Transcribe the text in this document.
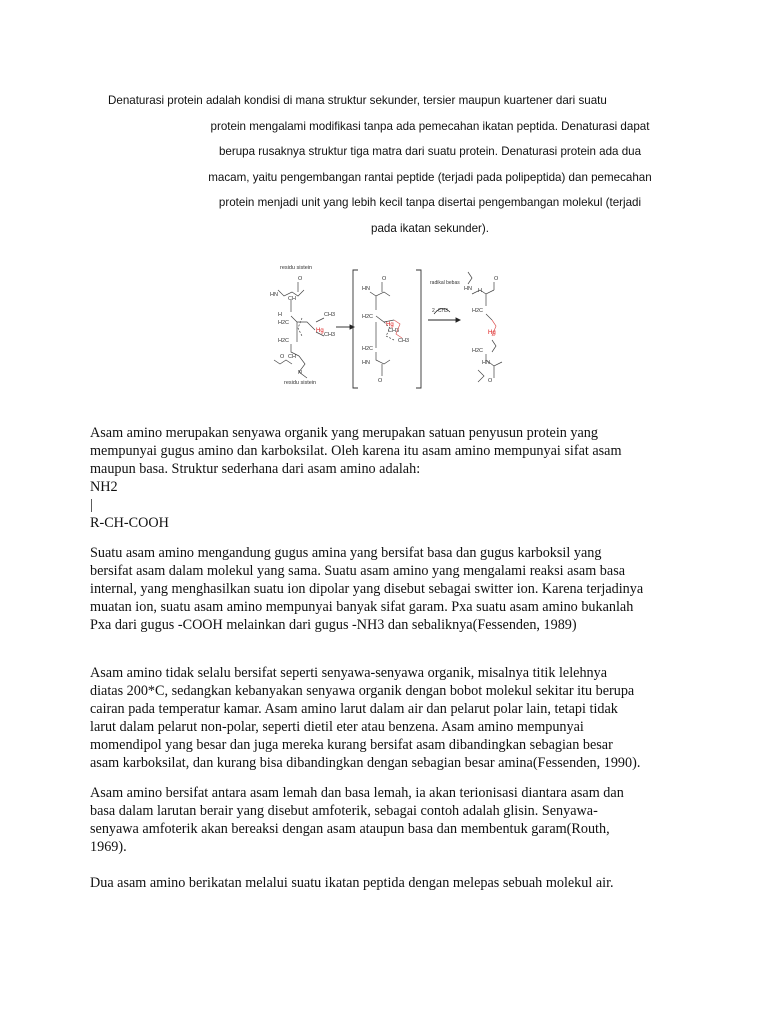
Denaturasi protein adalah kondisi di mana struktur sekunder, tersier maupun kuartener dari suatu
protein mengalami modifikasi tanpa ada pemecahan ikatan peptida. Denaturasi dapat
berupa rusaknya struktur tiga matra dari suatu protein. Denaturasi protein ada dua
macam, yaitu pengembangan rantai peptide (terjadi pada polipeptida) dan pemecahan
protein menjadi unit yang lebih kecil tanpa disertai pengembangan molekul (terjadi
pada ikatan sekunder).
residu sistein
residu sistein
HN
CH
O
H
H2C
H2C
O CH
N
CH3
CH3
Hg
HN
O
H2C
H2C
CH3
CH3
HN
O
Hg
radikal bebas
2 ·CH3
HN H
O
H2C
H2C
HN
O
Hg
Asam amino merupakan senyawa organik yang merupakan satuan penyusun protein yang
mempunyai gugus amino dan karboksilat. Oleh karena itu asam amino mempunyai sifat asam
maupun basa. Struktur sederhana dari asam amino adalah:
NH2
|
R-CH-COOH
Suatu asam amino mengandung gugus amina yang bersifat basa dan gugus karboksil yang
bersifat asam dalam molekul yang sama. Suatu asam amino yang mengalami reaksi asam basa
internal, yang menghasilkan suatu ion dipolar yang disebut sebagai switter ion. Karena terjadinya
muatan ion, suatu asam amino mempunyai banyak sifat garam. Pxa suatu asam amino bukanlah
Pxa dari gugus -COOH melainkan dari gugus -NH3 dan sebaliknya(Fessenden, 1989)
Asam amino tidak selalu bersifat seperti senyawa-senyawa organik, misalnya titik lelehnya
diatas 200*C, sedangkan kebanyakan senyawa organik dengan bobot molekul sekitar itu berupa
cairan pada temperatur kamar. Asam amino larut dalam air dan pelarut polar lain, tetapi tidak
larut dalam pelarut non-polar, seperti dietil eter atau benzena. Asam amino mempunyai
momendipol yang besar dan juga mereka kurang bersifat asam dibandingkan sebagian besar
asam karboksilat, dan kurang bisa dibandingkan dengan sebagian besar amina(Fessenden, 1990).
Asam amino bersifat antara asam lemah dan basa lemah, ia akan terionisasi diantara asam dan
basa dalam larutan berair yang disebut amfoterik, sebagai contoh adalah glisin. Senyawa-
senyawa amfoterik akan bereaksi dengan asam ataupun basa dan membentuk garam(Routh,
1969).
Dua asam amino berikatan melalui suatu ikatan peptida dengan melepas sebuah molekul air.
